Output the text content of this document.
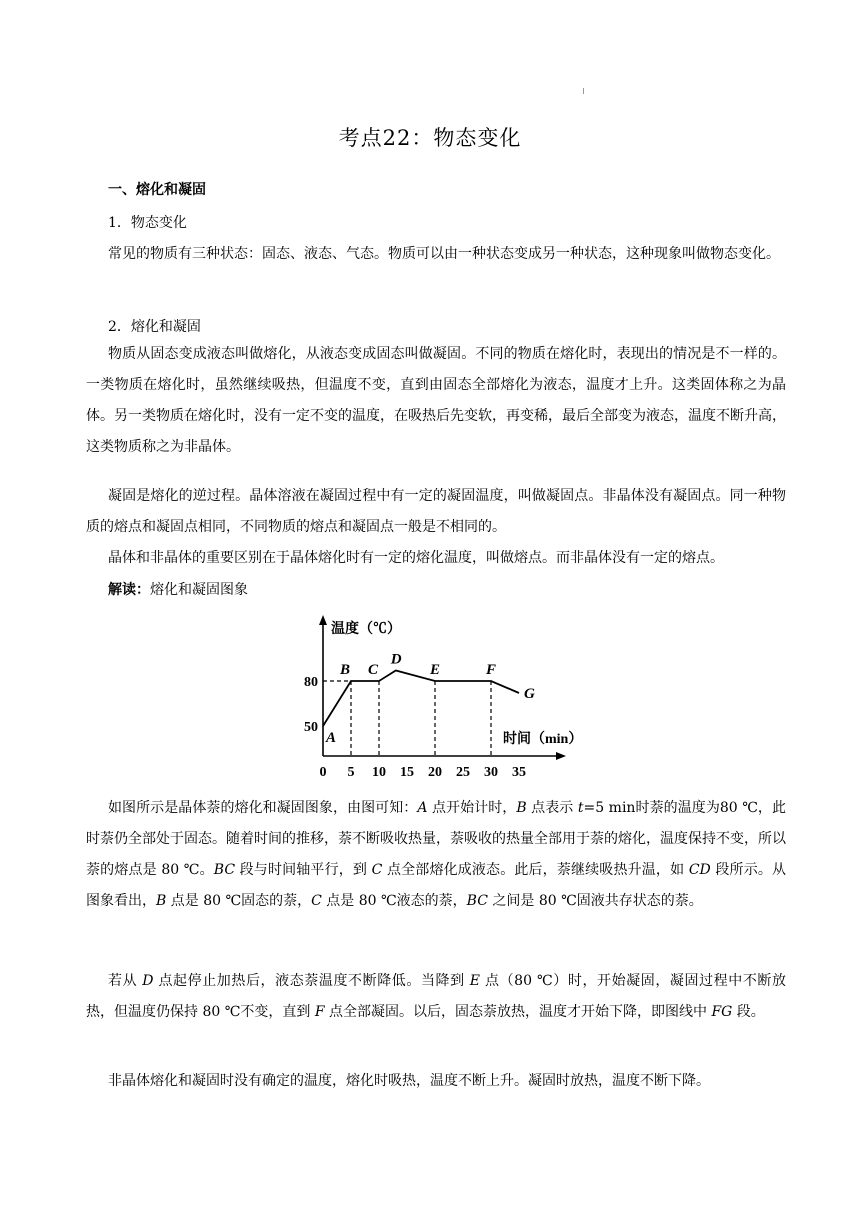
考点22：物态变化
一、熔化和凝固
1．物态变化
常见的物质有三种状态：固态、液态、气态。物质可以由一种状态变成另一种状态，这种现象叫做物态变化。
2．熔化和凝固
物质从固态变成液态叫做熔化，从液态变成固态叫做凝固。不同的物质在熔化时，表现出的情况是不一样的。一类物质在熔化时，虽然继续吸热，但温度不变，直到由固态全部熔化为液态，温度才上升。这类固体称之为晶体。另一类物质在熔化时，没有一定不变的温度，在吸热后先变软，再变稀，最后全部变为液态，温度不断升高，这类物质称之为非晶体。
凝固是熔化的逆过程。晶体溶液在凝固过程中有一定的凝固温度，叫做凝固点。非晶体没有凝固点。同一种物质的熔点和凝固点相同，不同物质的熔点和凝固点一般是不相同的。
晶体和非晶体的重要区别在于晶体熔化时有一定的熔化温度，叫做熔点。而非晶体没有一定的熔点。
解读：熔化和凝固图象
A
B C
D
E	F
G
0 5 10 15 20 25 30 35
50
80
温度（℃）
时间（min）
如图所示是晶体萘的熔化和凝固图象，由图可知：A 点开始计时，B 点表示 t=5 min时萘的温度为80 ℃，此时萘仍全部处于固态。随着时间的推移，萘不断吸收热量，萘吸收的热量全部用于萘的熔化，温度保持不变，所以萘的熔点是 80 ℃。BC 段与时间轴平行，到 C 点全部熔化成液态。此后，萘继续吸热升温，如 CD 段所示。从图象看出，B 点是 80 ℃固态的萘，C 点是 80 ℃液态的萘，BC 之间是 80 ℃固液共存状态的萘。
若从 D 点起停止加热后，液态萘温度不断降低。当降到 E 点（80 ℃）时，开始凝固，凝固过程中不断放热，但温度仍保持 80 ℃不变，直到 F 点全部凝固。以后，固态萘放热，温度才开始下降，即图线中 FG 段。
非晶体熔化和凝固时没有确定的温度，熔化时吸热，温度不断上升。凝固时放热，温度不断下降。
